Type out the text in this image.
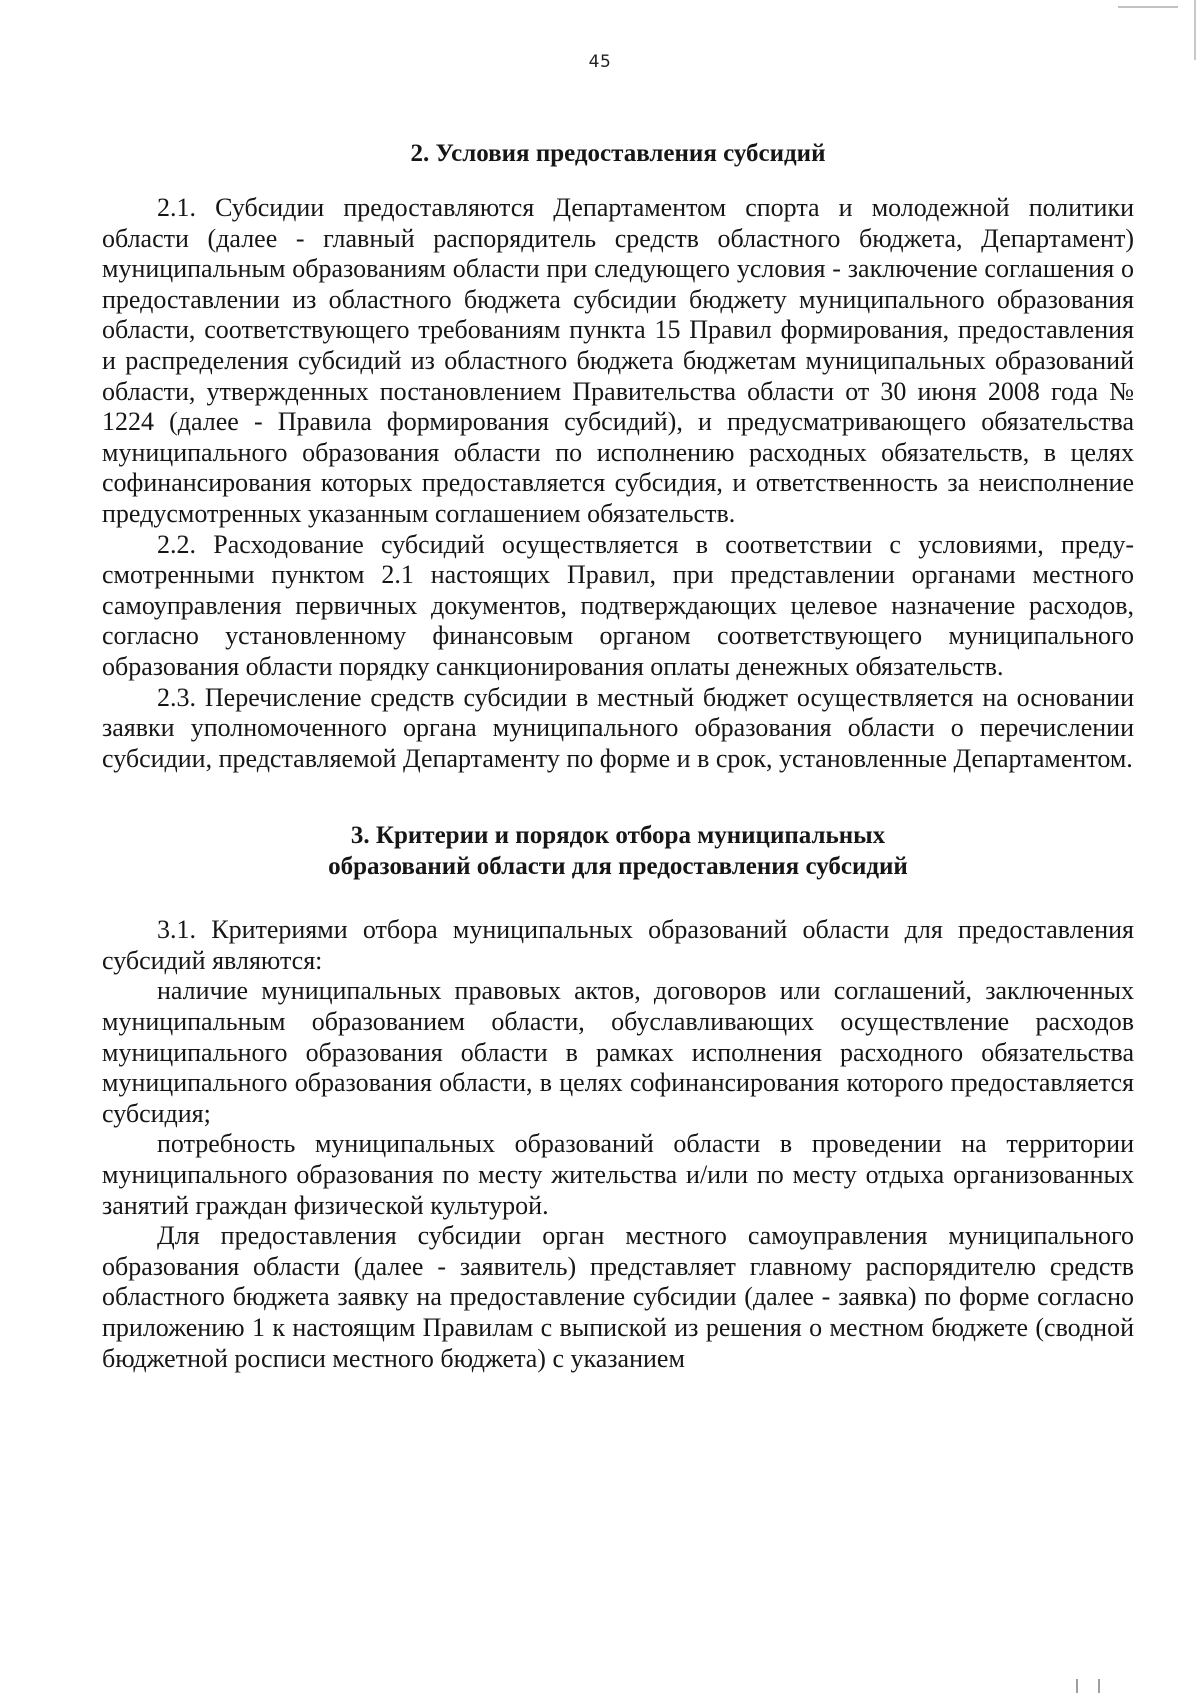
45
2. Условия предоставления субсидий

2.1. Субсидии предоставляются Департаментом спорта и молодежной политики области (далее - главный распорядитель средств областного бюджета, Департамент) муниципальным образованиям области при следующего условия - заключение соглашения о предоставлении из областного бюджета субсидии бюджету муниципального образования области, соответствующего требованиям пункта 15 Правил формирования, предоставления и распределения субсидий из областного бюджета бюджетам муниципальных образований области, утвержденных постановлением Правительства области от 30 июня 2008 года № 1224 (далее - Правила формирования субсидий), и предусматривающего обязательства муниципального образования области по исполнению расходных обязательств, в целях софинансирования которых предоставляется субсидия, и ответственность за неисполнение предусмотренных указанным соглашением обязательств.

2.2. Расходование субсидий осуществляется в соответствии с условиями, предусмотренными пунктом 2.1 настоящих Правил, при представлении органами местного самоуправления первичных документов, подтверждающих целевое назначение расходов, согласно установленному финансовым органом соответствующего муниципального образования области порядку санкционирования оплаты денежных обязательств.

2.3. Перечисление средств субсидии в местный бюджет осуществляется на основании заявки уполномоченного органа муниципального образования области о перечислении субсидии, представляемой Департаменту по форме и в срок, установленные Департаментом.

3. Критерии и порядок отбора муниципальных
образований области для предоставления субсидий

3.1. Критериями отбора муниципальных образований области для предоставления субсидий являются:

наличие муниципальных правовых актов, договоров или соглашений, заключенных муниципальным образованием области, обуславливающих осуществление расходов муниципального образования области в рамках исполнения расходного обязательства муниципального образования области, в целях софинансирования которого предоставляется субсидия;

потребность муниципальных образований области в проведении на территории муниципального образования по месту жительства и/или по месту отдыха организованных занятий граждан физической культурой.

Для предоставления субсидии орган местного самоуправления муниципального образования области (далее - заявитель) представляет главному распорядителю средств областного бюджета заявку на предоставление субсидии (далее - заявка) по форме согласно приложению 1 к настоящим Правилам с выпиской из решения о местном бюджете (сводной бюджетной росписи местного бюджета) с указанием
